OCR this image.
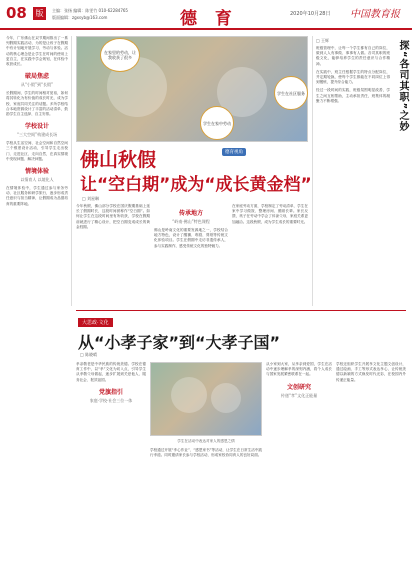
08	版	主编：张扬 编辑：陈雯竹 010-62284765
版面编辑：zgxsyb@163.com	德 育	2020年10月28日 中国教育报

今年，广东佛山在双节期间推出了一系列假期实践活动，为的是让孩子在假期中有计划地开展学习、劳动与体验。活动的核心理念是让学生在时间的使用上更自主，在实践中学会规划，在体验中收获成长。

破局焦虑
从“小假”到“长假”

长假期间，学生的时间相对宽裕，如何将其转化为有价值的成长时光，成为学校、家庭共同关注的话题。多所学校结合本地资源设计了丰富的活动清单，鼓励学生自主选择、自主安排。

学校设计
“三大空间”构建成长场

学校从生活空间、社会空间和自然空间三个维度设计活动，引导学生走出校门、走进社区、走向自然，在真实情境中发现问题、解决问题。

情境体验
以情育人 以境化人

在情境体验中，学生通过参与家务劳动、社区服务和研学旅行，逐步形成责任意识与担当精神，让假期成为品德培育的重要阵地。

在家里的劳动，让我收获了很多
学生在家中劳动
学生在社区服务
德育视角
佛山秋假
让“空白期”成为“成长黄金档”
□ 刘星琳

今年秋假，佛山部分学校在国庆假期基础上延长了假期时长，这段时间被称作“空白期”。如何让学生在这段时间里有所收获，学校在假期前就进行了精心设计，把空白期变成成长的黄金档期。

传承地方
“岭南·佛山”特色课程

佛山是岭南文化的重要发源地之一，学校结合地方特色，设计了醒狮、粤剧、剪纸等传统文化体验项目。学生在假期中走访非遗传承人，参与实践制作，感受传统文化的独特魅力。

在家庭劳动方面，学校制定了劳动清单，学生在家中学习做饭、整理房间、照顾长辈。家长反馈，孩子在劳动中学会了体谅父母，家庭关系更加融洽。这段秋假，成为学生成长的重要时光。

□ 王辉

班级管理中，让每一个学生都有自己的岗位，做到人人有事做、事事有人做。各司其职的班级文化，能够培养学生的责任意识与合作精神。

在实践中，班主任根据学生的特点分配岗位，并定期轮换，使每个学生都能在不同岗位上得到锻炼，提升综合能力。

经过一段时间的实践，班级氛围明显改善，学生之间互相帮助，主动承担责任，班集体的凝聚力不断增强。	探“各司其职”之妙
大思政·文化
从“小孝子家”到“大孝子国”
□ 陈晓晴

孝亲敬老是中华民族的传统美德。学校在德育工作中，以“孝”文化为切入点，引导学生从孝敬父母做起，逐步扩展到关爱他人、服务社会、报效祖国。

党旗指引
家庭·学校·社会三位一体
学生在活动中表达对家人的感恩之情

学校通过开展“孝心作业”、“感恩家书”等活动，让学生在日常生活中践行孝道。同时邀请家长参与学校活动，形成家校协同育人的良好局面。

从小家到大家，从孝亲到爱国，学生在活动中逐步理解孝的深刻内涵，将个人成长与国家发展紧密联系在一起。

文创研究
传递“孝”文化正能量

学校还组织学生开展孝文化主题文创设计，通过绘画、手工等形式表达孝心，让传统美德以新颖的方式焕发时代光彩，在校园内外传递正能量。
